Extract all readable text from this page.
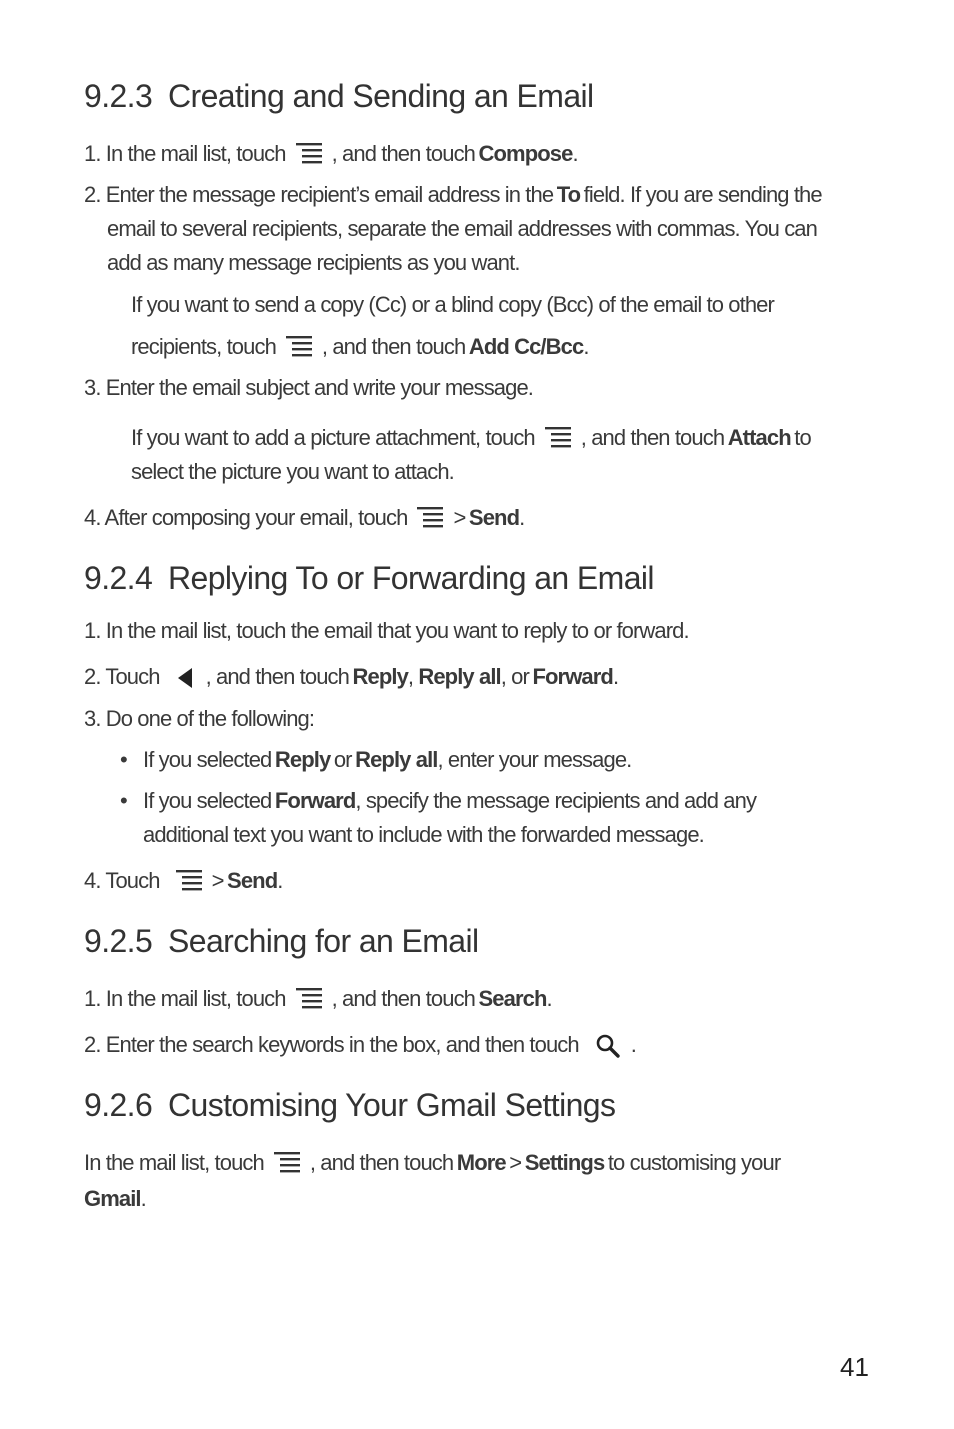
9.2.3 Creating and Sending an Email
1. In the mail list, touch , and then touch  Compose.
2. Enter the message recipient’s email address in the  To  field. If you are sending the
email to several recipients, separate the email addresses with commas. You can
add as many message recipients as you want.
If you want to send a copy (Cc) or a blind copy (Bcc) of the email to other
recipients, touch , and then touch  Add Cc/Bcc.
3. Enter the email subject and write your message.
If you want to add a picture attachment, touch , and then touch  Attach  to
select the picture you want to attach.
4. After composing your email, touch >  Send.
9.2.4 Replying To or Forwarding an Email
1. In the mail list, touch the email that you want to reply to or forward.
2. Touch , and then touch  Reply, Reply all, or  Forward.
3. Do one of the following:
• If you selected  Reply  or  Reply all, enter your message.
• If you selected  Forward, specify the message recipients and add any
additional text you want to include with the forwarded message.
4. Touch >  Send.
9.2.5 Searching for an Email
1. In the mail list, touch , and then touch  Search.
2. Enter the search keywords in the box, and then touch .
9.2.6 Customising Your Gmail Settings
In the mail list, touch , and then touch  More  >  Settings  to customising your
Gmail.
41
